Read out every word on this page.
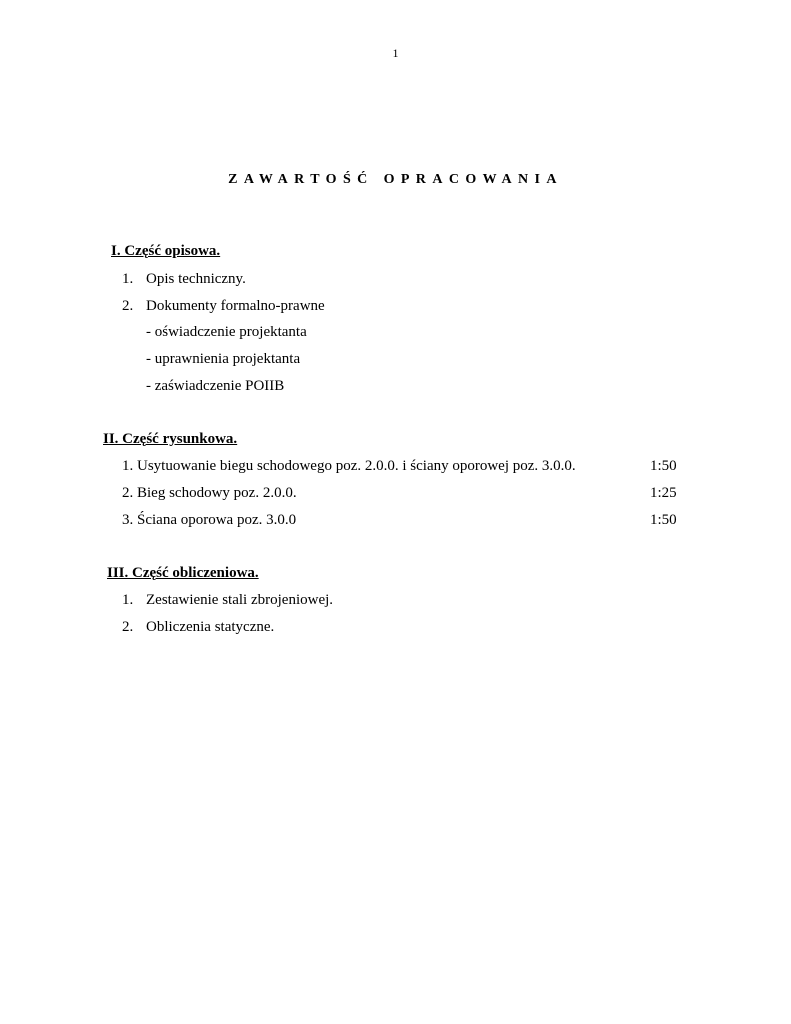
1
ZAWARTOŚĆ OPRACOWANIA
I. Część opisowa.
1. Opis techniczny.
2. Dokumenty formalno-prawne
- oświadczenie projektanta
- uprawnienia projektanta
- zaświadczenie POIIB
II. Część rysunkowa.
1. Usytuowanie biegu schodowego poz. 2.0.0. i ściany oporowej poz. 3.0.0.	1:50
2. Bieg schodowy poz. 2.0.0.	1:25
3. Ściana oporowa poz. 3.0.0	1:50
III. Część obliczeniowa.
1. Zestawienie stali zbrojeniowej.
2. Obliczenia statyczne.
